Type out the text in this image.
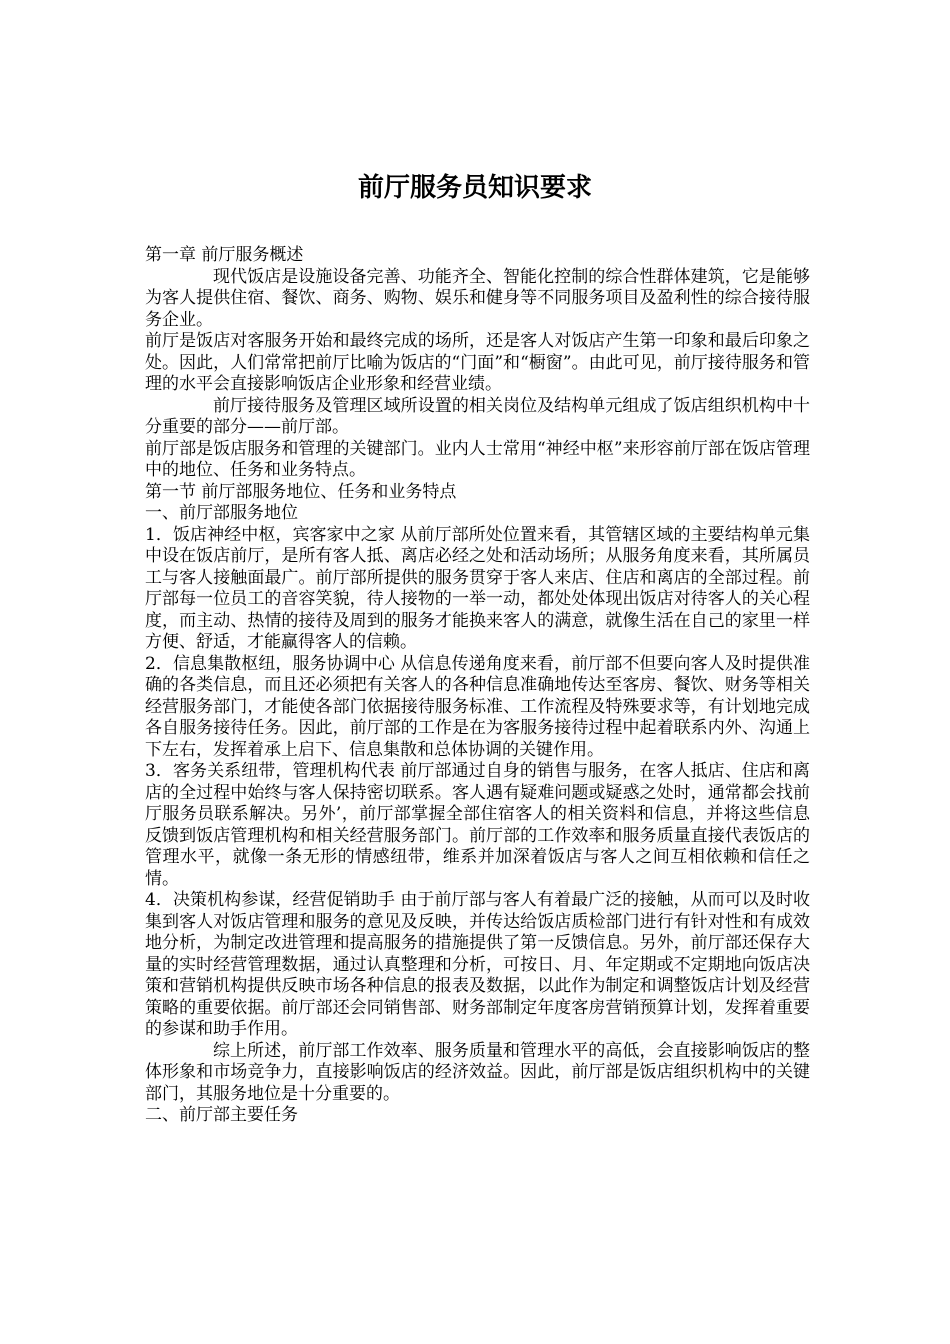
前厅服务员知识要求

第一章 前厅服务概述

现代饭店是设施设备完善、功能齐全、智能化控制的综合性群体建筑，它是能够为客人提供住宿、餐饮、商务、购物、娱乐和健身等不同服务项目及盈利性的综合接待服务企业。

前厅是饭店对客服务开始和最终完成的场所，还是客人对饭店产生第一印象和最后印象之处。因此，人们常常把前厅比喻为饭店的“门面”和“橱窗”。由此可见，前厅接待服务和管理的水平会直接影响饭店企业形象和经营业绩。

前厅接待服务及管理区域所设置的相关岗位及结构单元组成了饭店组织机构中十分重要的部分——前厅部。

前厅部是饭店服务和管理的关键部门。业内人士常用“神经中枢”来形容前厅部在饭店管理中的地位、任务和业务特点。

第一节 前厅部服务地位、任务和业务特点

一、前厅部服务地位

1．饭店神经中枢，宾客家中之家 从前厅部所处位置来看，其管辖区域的主要结构单元集中设在饭店前厅，是所有客人抵、离店必经之处和活动场所；从服务角度来看，其所属员工与客人接触面最广。前厅部所提供的服务贯穿于客人来店、住店和离店的全部过程。前厅部每一位员工的音容笑貌，待人接物的一举一动，都处处体现出饭店对待客人的关心程度，而主动、热情的接待及周到的服务才能换来客人的满意，就像生活在自己的家里一样方便、舒适，才能赢得客人的信赖。

2．信息集散枢纽，服务协调中心 从信息传递角度来看，前厅部不但要向客人及时提供准确的各类信息，而且还必须把有关客人的各种信息准确地传达至客房、餐饮、财务等相关经营服务部门，才能使各部门依据接待服务标准、工作流程及特殊要求等，有计划地完成各自服务接待任务。因此，前厅部的工作是在为客服务接待过程中起着联系内外、沟通上下左右，发挥着承上启下、信息集散和总体协调的关键作用。

3．客务关系纽带，管理机构代表 前厅部通过自身的销售与服务，在客人抵店、住店和离店的全过程中始终与客人保持密切联系。客人遇有疑难问题或疑惑之处时，通常都会找前厅服务员联系解决。另外’，前厅部掌握全部住宿客人的相关资料和信息，并将这些信息反馈到饭店管理机构和相关经营服务部门。前厅部的工作效率和服务质量直接代表饭店的管理水平，就像一条无形的情感纽带，维系并加深着饭店与客人之间互相依赖和信任之情。

4．决策机构参谋，经营促销助手 由于前厅部与客人有着最广泛的接触，从而可以及时收集到客人对饭店管理和服务的意见及反映，并传达给饭店质检部门进行有针对性和有成效地分析，为制定改进管理和提高服务的措施提供了第一反馈信息。另外，前厅部还保存大量的实时经营管理数据，通过认真整理和分析，可按日、月、年定期或不定期地向饭店决策和营销机构提供反映市场各种信息的报表及数据，以此作为制定和调整饭店计划及经营策略的重要依据。前厅部还会同销售部、财务部制定年度客房营销预算计划，发挥着重要的参谋和助手作用。

综上所述，前厅部工作效率、服务质量和管理水平的高低，会直接影响饭店的整体形象和市场竞争力，直接影响饭店的经济效益。因此，前厅部是饭店组织机构中的关键部门，其服务地位是十分重要的。

二、前厅部主要任务
